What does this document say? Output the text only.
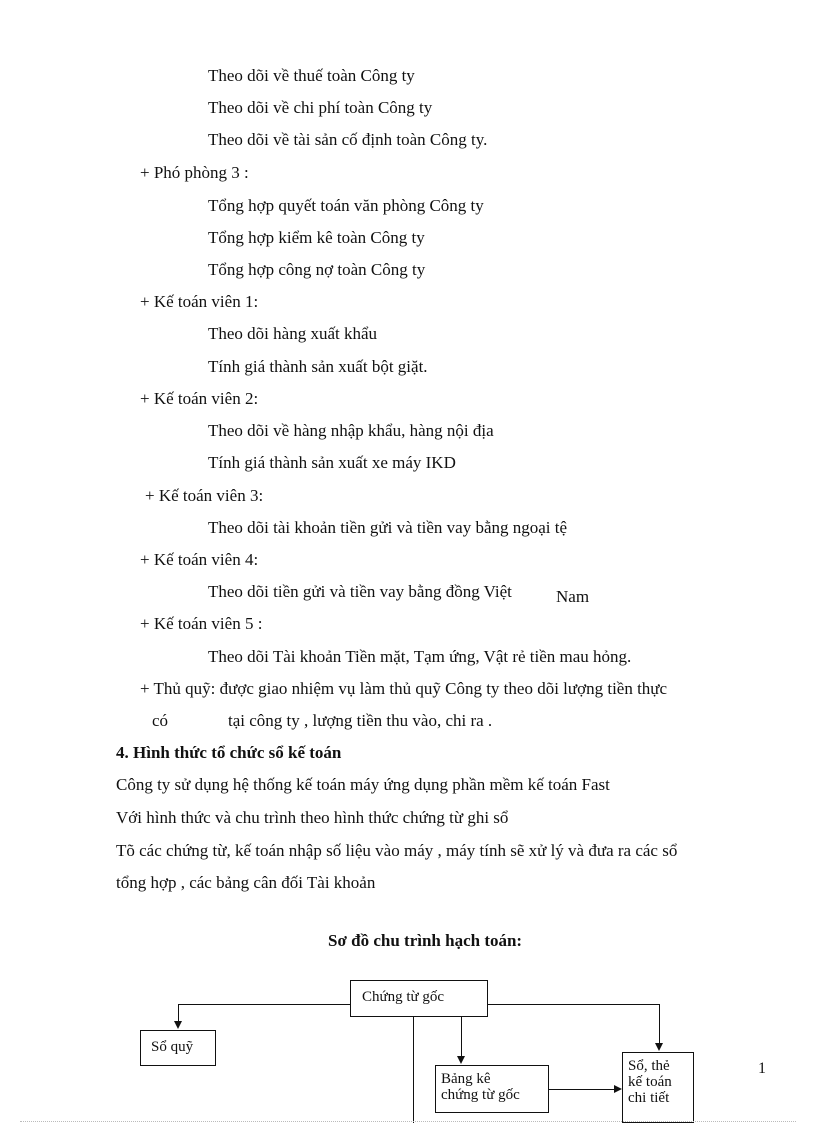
Theo dõi về thuế toàn Công ty
Theo dõi về chi phí toàn Công ty
Theo dõi về tài sản cố định toàn Công ty.
+ Phó phòng 3 :
Tổng hợp quyết toán văn phòng Công ty
Tổng hợp kiểm kê toàn Công ty
Tổng hợp công nợ toàn Công ty
+ Kế toán viên 1:
Theo dõi hàng xuất khẩu
Tính giá thành sản xuất bột giặt.
+ Kế toán viên 2:
Theo dõi về hàng nhập khẩu, hàng nội địa
Tính giá thành sản xuất xe máy IKD
+ Kế toán viên 3:
Theo dõi tài khoản tiền gửi và tiền vay bằng ngoại tệ
+ Kế toán viên 4:
Theo dõi tiền gửi và tiền vay bằng đồng Việt	Nam
+ Kế toán viên 5 :
Theo dõi Tài khoản Tiền mặt, Tạm ứng, Vật rẻ tiền mau hỏng.
+ Thủ quỹ: được giao nhiệm vụ làm thủ quỹ Công ty theo dõi lượng tiền thực
có	tại công ty , lượng tiền thu vào, chi ra .
4. Hình thức tổ chức sổ kế toán
Công ty sử dụng hệ thống kế toán máy ứng dụng phần mềm kế toán Fast
Với hình thức và chu trình theo hình thức chứng từ ghi sổ
Tõ các chứng từ, kế toán nhập số liệu vào máy , máy tính sẽ xử lý và đưa ra các sổ
tổng hợp , các bảng cân đối Tài khoản
Sơ đồ chu trình hạch toán:
Chứng từ gốc
Sổ quỹ
Bảng kê
chứng từ gốc
Sổ, thẻ
kế toán
chi tiết
1
